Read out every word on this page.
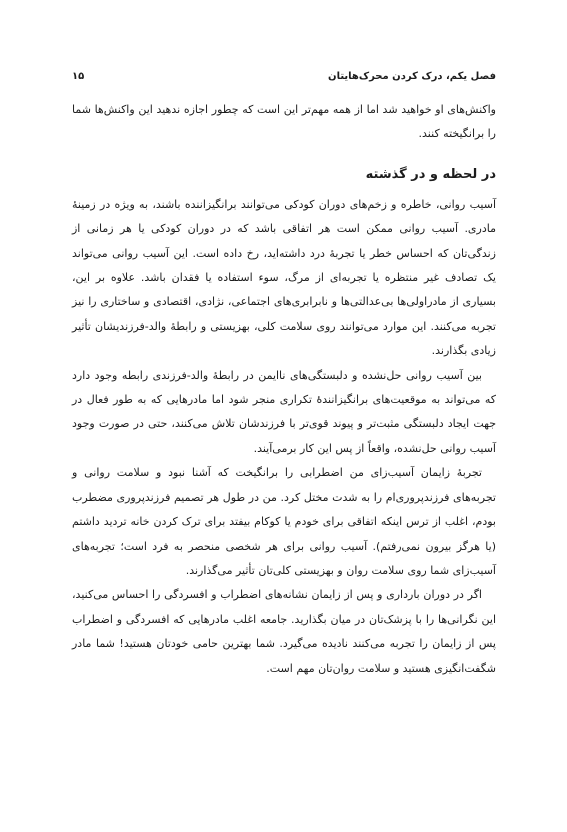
فصل یکم، درک کردن محرک‌هایتان
۱۵

واکنش‌های او خواهید شد اما از همه مهم‌تر این است که چطور اجازه ندهید این واکنش‌ها شما را برانگیخته کنند.

در لحظه و در گذشته

آسیب روانی، خاطره و زخم‌های دوران کودکی می‌توانند برانگیزاننده باشند، به ویژه در زمینهٔ مادری. آسیب روانی ممکن است هر اتفاقی باشد که در دوران کودکی یا هر زمانی از زندگی‌تان که احساس خطر یا تجربهٔ درد داشته‌اید، رخ داده است. این آسیب روانی می‌تواند یک تصادف غیر منتظره یا تجربه‌ای از مرگ، سوء استفاده یا فقدان باشد. علاوه بر این، بسیاری از مادراولی‌ها بی‌عدالتی‌ها و نابرابری‌های اجتماعی، نژادی، اقتصادی و ساختاری را نیز تجربه می‌کنند. این موارد می‌توانند روی سلامت کلی، بهزیستی و رابطهٔ والد-فرزندیشان تأثیر زیادی بگذارند.

بین آسیب روانی حل‌نشده و دلبستگی‌های ناایمن در رابطهٔ والد-فرزندی رابطه وجود دارد که می‌تواند به موقعیت‌های برانگیزانندهٔ تکراری منجر شود اما مادرهایی که به طور فعال در جهت ایجاد دلبستگی مثبت‌تر و پیوند قوی‌تر با فرزندشان تلاش می‌کنند، حتی در صورت وجود آسیب روانی حل‌نشده، واقعاً از پس این کار برمی‌آیند.

تجربهٔ زایمان آسیب‌زای من اضطرابی را برانگیخت که آشنا نبود و سلامت روانی و تجربه‌های فرزندپروری‌ام را به شدت مختل کرد. من در طول هر تصمیم فرزندپروری مضطرب بودم، اغلب از ترس اینکه اتفاقی برای خودم یا کوکام بیفتد برای ترک کردن خانه تردید داشتم (یا هرگز بیرون نمی‌رفتم). آسیب روانی برای هر شخصی منحصر به فرد است؛ تجربه‌های آسیب‌زای شما روی سلامت روان و بهزیستی کلی‌تان تأثیر می‌گذارند.

اگر در دوران بارداری و پس از زایمان نشانه‌های اضطراب و افسردگی را احساس می‌کنید، این نگرانی‌ها را با پزشک‌تان در میان بگذارید. جامعه اغلب مادرهایی که افسردگی و اضطراب پس از زایمان را تجربه می‌کنند نادیده می‌گیرد. شما بهترین حامی خودتان هستید! شما مادر شگفت‌انگیزی هستید و سلامت روان‌تان مهم است.
